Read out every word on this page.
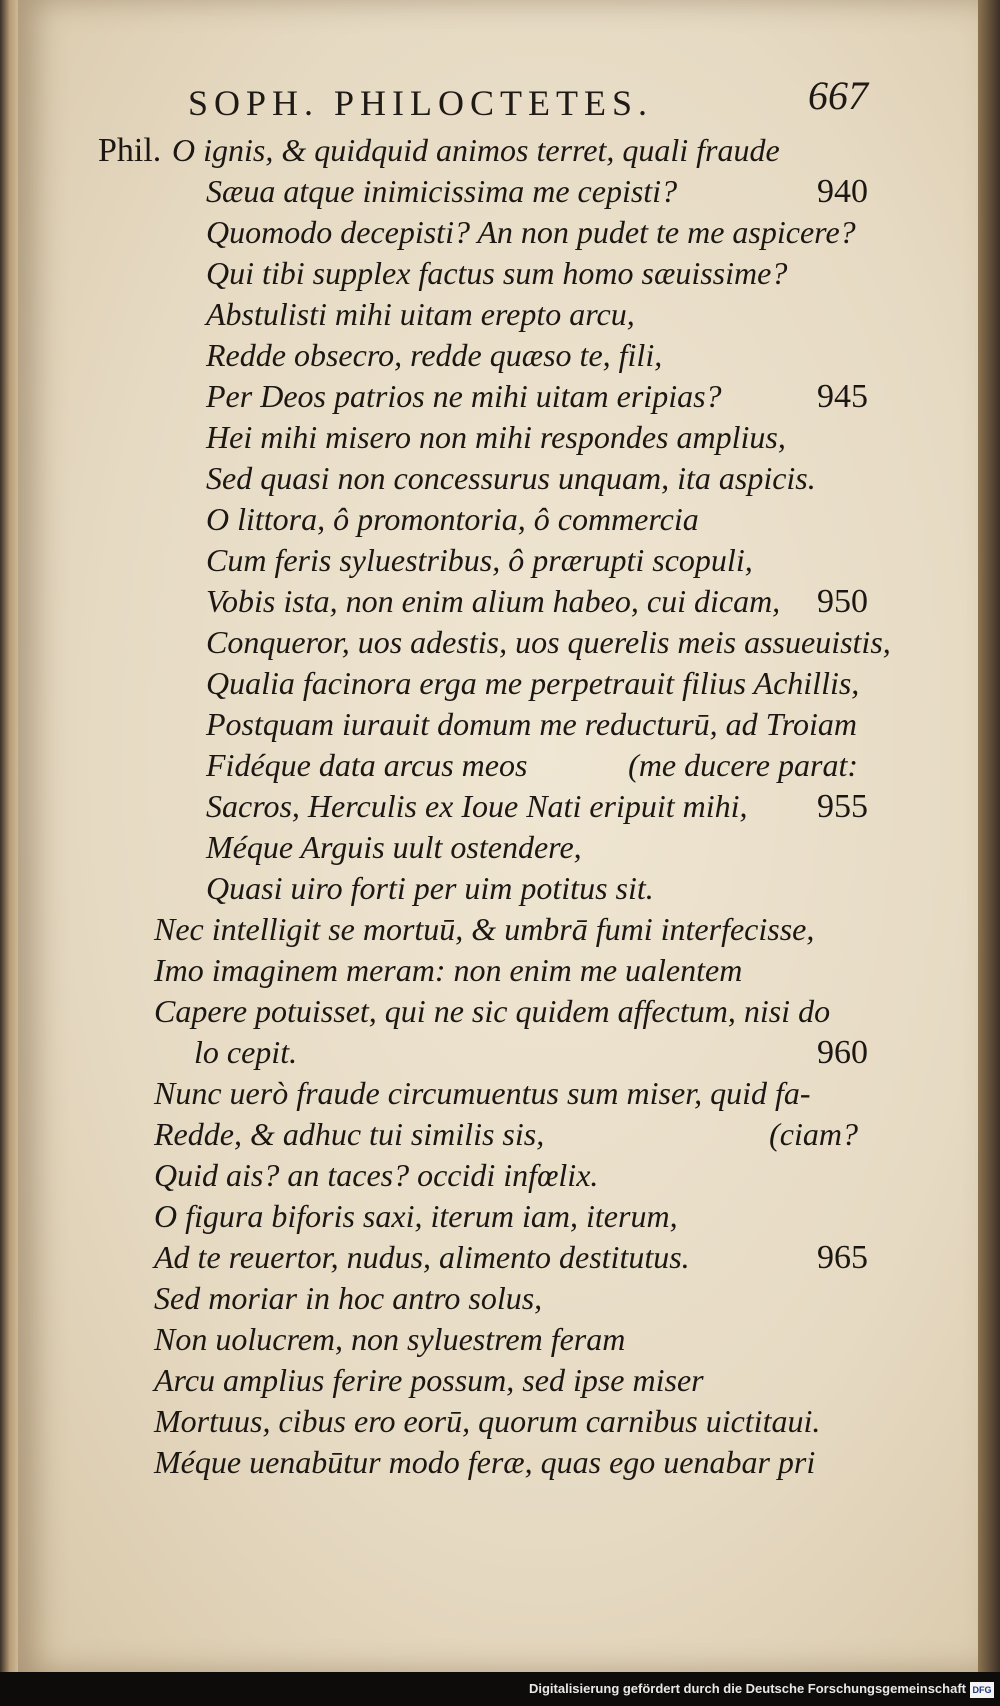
SOPH. PHILOCTETES.	667
Phil. O ignis, & quidquid animos terret, quali fraude
Sæua atque inimicissima me cepisti?	940
Quomodo decepisti? An non pudet te me aspicere?
Qui tibi supplex factus sum homo sæuissime?
Abstulisti mihi uitam erepto arcu,
Redde obsecro, redde quæso te, fili,
Per Deos patrios ne mihi uitam eripias?	945
Hei mihi misero non mihi respondes amplius,
Sed quasi non concessurus unquam, ita aspicis.
O littora, ô promontoria, ô commercia
Cum feris syluestribus, ô prærupti scopuli,
Vobis ista, non enim alium habeo, cui dicam, 950
Conqueror, uos adestis, uos querelis meis assueuistis,
Qualia facinora erga me perpetrauit filius Achillis,
Postquam iurauit domum me reducturū, ad Troiam
Fidéque data arcus meos	(me ducere parat:
Sacros, Herculis ex Ioue Nati eripuit mihi, 955
Méque Arguis uult ostendere,
Quasi uiro forti per uim potitus sit.
Nec intelligit se mortuū, & umbrā fumi interfecisse,
Imo imaginem meram: non enim me ualentem
Capere potuisset, qui ne sic quidem affectum, nisi do
lo cepit.	960
Nunc uerò fraude circumuentus sum miser, quid fa-
Redde, & adhuc tui similis sis,	(ciam?
Quid ais? an taces? occidi infœlix.
O figura biforis saxi, iterum iam, iterum,
Ad te reuertor, nudus, alimento destitutus.	965
Sed moriar in hoc antro solus,
Non uolucrem, non syluestrem feram
Arcu amplius ferire possum, sed ipse miser
Mortuus, cibus ero eorū, quorum carnibus uictitaui.
Méque uenabūtur modo feræ, quas ego uenabar pri
Digitalisierung gefördert durch die Deutsche Forschungsgemeinschaft DFG
